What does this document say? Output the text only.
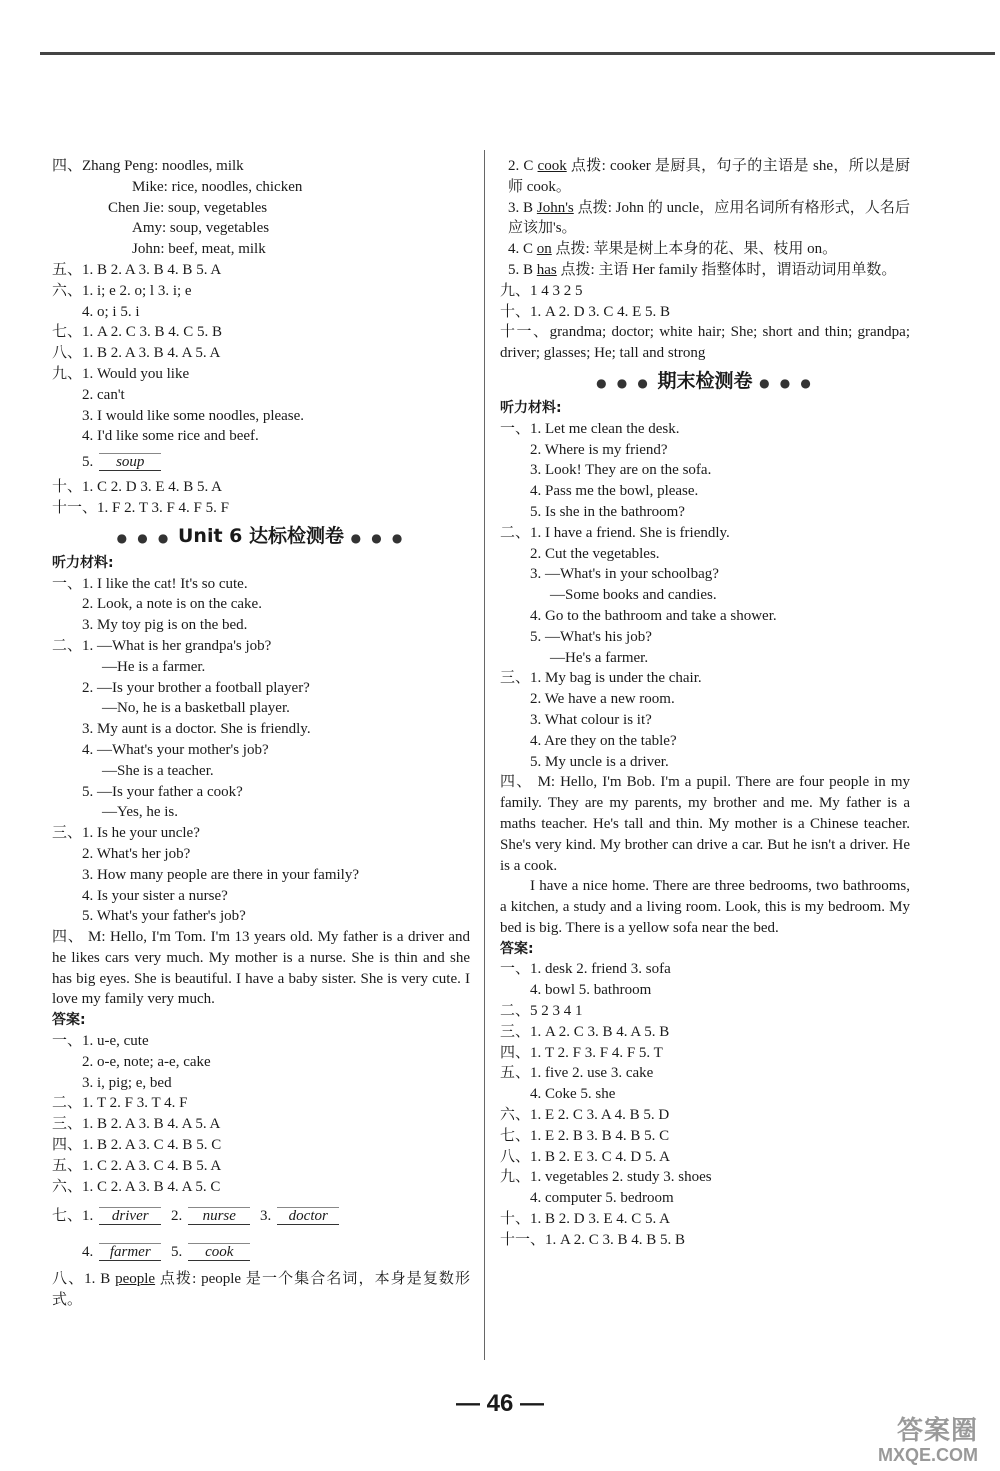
四、Zhang Peng: noodles, milk
Mike: rice, noodles, chicken
Chen Jie: soup, vegetables
Amy: soup, vegetables
John: beef, meat, milk
五、1. B 2. A 3. B 4. B 5. A
六、1. i; e 2. o; l 3. i; e
4. o; i 5. i
七、1. A 2. C 3. B 4. C 5. B
八、1. B 2. A 3. B 4. A 5. A
九、1. Would you like
2. can't
3. I would like some noodles, please.
4. I'd like some rice and beef.
5. soup
十、1. C 2. D 3. E 4. B 5. A
十一、1. F 2. T 3. F 4. F 5. F
● ● ● Unit 6 达标检测卷 ● ● ●
听力材料:
一、1. I like the cat! It's so cute.
2. Look, a note is on the cake.
3. My toy pig is on the bed.
二、1. —What is her grandpa's job?
—He is a farmer.
2. —Is your brother a football player?
—No, he is a basketball player.
3. My aunt is a doctor. She is friendly.
4. —What's your mother's job?
—She is a teacher.
5. —Is your father a cook?
—Yes, he is.
三、1. Is he your uncle?
2. What's her job?
3. How many people are there in your family?
4. Is your sister a nurse?
5. What's your father's job?
四、 M: Hello, I'm Tom. I'm 13 years old. My father is a driver and he likes cars very much. My mother is a nurse. She is thin and she has big eyes. She is beautiful. I have a baby sister. She is very cute. I love my family very much.
答案:
一、1. u-e, cute
2. o-e, note; a-e, cake
3. i, pig; e, bed
二、1. T 2. F 3. T 4. F
三、1. B 2. A 3. B 4. A 5. A
四、1. B 2. A 3. C 4. B 5. C
五、1. C 2. A 3. C 4. B 5. A
六、1. C 2. A 3. B 4. A 5. C
七、1. driver 2. nurse 3. doctor
4. farmer 5. cook
八、1. B people 点拨: people 是一个集合名词，本身是复数形式。
2. C cook 点拨: cooker 是厨具，句子的主语是 she，所以是厨师 cook。
3. B John's 点拨: John 的 uncle，应用名词所有格形式，人名后应该加's。
4. C on 点拨: 苹果是树上本身的花、果、枝用 on。
5. B has 点拨: 主语 Her family 指整体时，谓语动词用单数。
九、1 4 3 2 5
十、1. A 2. D 3. C 4. E 5. B
十一、grandma; doctor; white hair; She; short and thin; grandpa; driver; glasses; He; tall and strong
● ● ● 期末检测卷 ● ● ●
听力材料:
一、1. Let me clean the desk.
2. Where is my friend?
3. Look! They are on the sofa.
4. Pass me the bowl, please.
5. Is she in the bathroom?
二、1. I have a friend. She is friendly.
2. Cut the vegetables.
3. —What's in your schoolbag?
—Some books and candies.
4. Go to the bathroom and take a shower.
5. —What's his job?
—He's a farmer.
三、1. My bag is under the chair.
2. We have a new room.
3. What colour is it?
4. Are they on the table?
5. My uncle is a driver.
四、 M: Hello, I'm Bob. I'm a pupil. There are four people in my family. They are my parents, my brother and me. My father is a maths teacher. He's tall and thin. My mother is a Chinese teacher. She's very kind. My brother can drive a car. But he isn't a driver. He is a cook.
I have a nice home. There are three bedrooms, two bathrooms, a kitchen, a study and a living room. Look, this is my bedroom. My bed is big. There is a yellow sofa near the bed.
答案:
一、1. desk 2. friend 3. sofa
4. bowl 5. bathroom
二、5 2 3 4 1
三、1. A 2. C 3. B 4. A 5. B
四、1. T 2. F 3. F 4. F 5. T
五、1. five 2. use 3. cake
4. Coke 5. she
六、1. E 2. C 3. A 4. B 5. D
七、1. E 2. B 3. B 4. B 5. C
八、1. B 2. E 3. C 4. D 5. A
九、1. vegetables 2. study 3. shoes
4. computer 5. bedroom
十、1. B 2. D 3. E 4. C 5. A
十一、1. A 2. C 3. B 4. B 5. B
— 46 —
答案圈
MXQE.COM
